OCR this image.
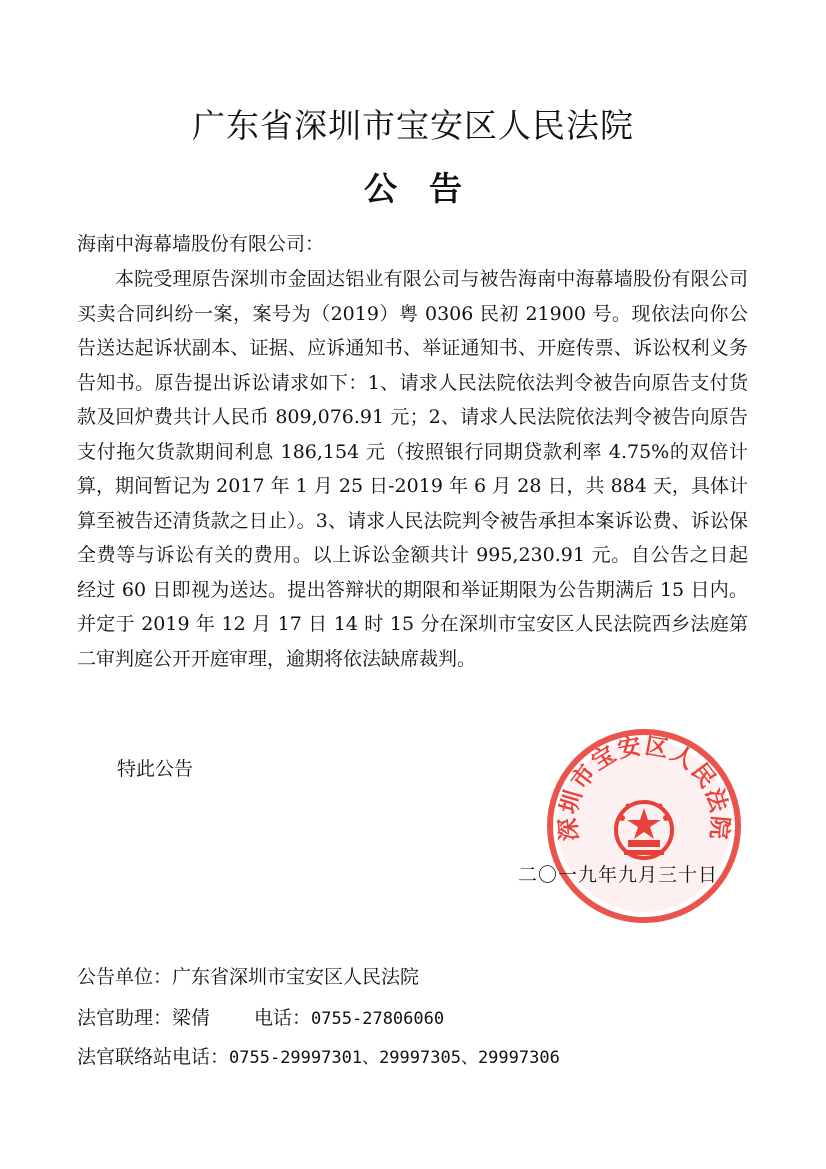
广东省深圳市宝安区人民法院
公 告
海南中海幕墙股份有限公司：

本院受理原告深圳市金固达铝业有限公司与被告海南中海幕墙股份有限公司买卖合同纠纷一案，案号为（2019）粤 0306 民初 21900 号。现依法向你公告送达起诉状副本、证据、应诉通知书、举证通知书、开庭传票、诉讼权利义务告知书。原告提出诉讼请求如下：1、请求人民法院依法判令被告向原告支付货款及回炉费共计人民币 809,076.91 元；2、请求人民法院依法判令被告向原告支付拖欠货款期间利息 186,154 元（按照银行同期贷款利率 4.75%的双倍计算，期间暂记为 2017 年 1 月 25 日-2019 年 6 月 28 日，共 884 天，具体计算至被告还清货款之日止）。3、请求人民法院判令被告承担本案诉讼费、诉讼保全费等与诉讼有关的费用。以上诉讼金额共计 995,230.91 元。自公告之日起经过 60 日即视为送达。提出答辩状的期限和举证期限为公告期满后 15 日内。并定于 2019 年 12 月 17 日 14 时 15 分在深圳市宝安区人民法院西乡法庭第二审判庭公开开庭审理，逾期将依法缺席裁判。

特此公告
深圳市宝安区人民法院
二〇一九年九月三十日
公告单位：广东省深圳市宝安区人民法院
法官助理：梁倩 电话：0755-27806060
法官联络站电话：0755-29997301、29997305、29997306
